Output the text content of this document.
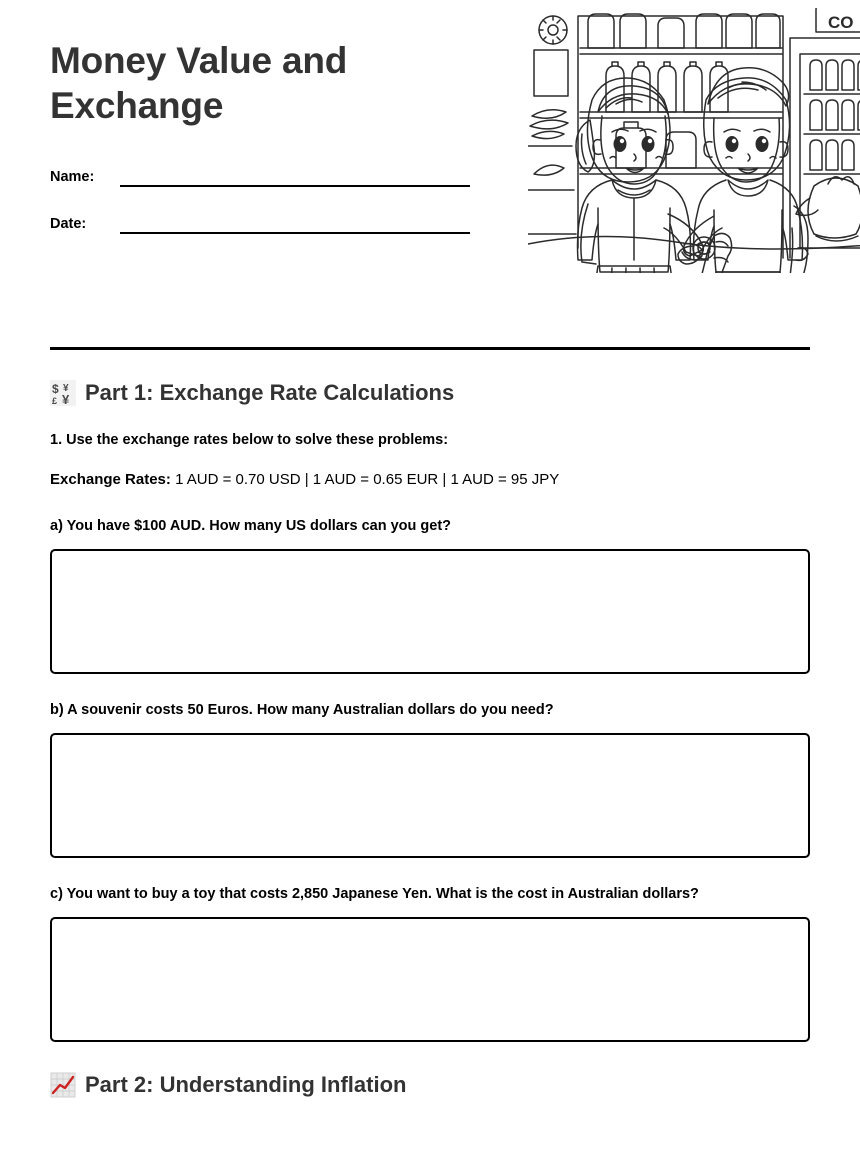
Money Value and Exchange
Name:
Date:
CO
$ ¥
£ ¥ Part 1: Exchange Rate Calculations

1. Use the exchange rates below to solve these problems:

Exchange Rates: 1 AUD = 0.70 USD | 1 AUD = 0.65 EUR | 1 AUD = 95 JPY

a) You have $100 AUD. How many US dollars can you get?

b) A souvenir costs 50 Euros. How many Australian dollars do you need?

c) You want to buy a toy that costs 2,850 Japanese Yen. What is the cost in Australian dollars?

Part 2: Understanding Inflation
